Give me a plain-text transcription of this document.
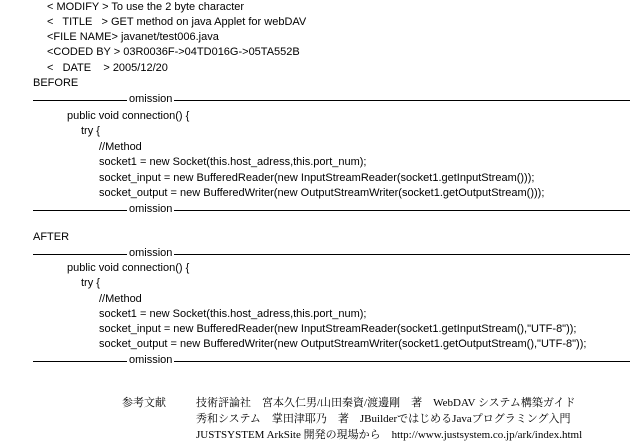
< MODIFY > To use the 2 byte character
<   TITLE   > GET method on java Applet for webDAV
<FILE NAME> javanet/test006.java
<CODED BY > 03R0036F->04TD016G->05TA552B
<   DATE    > 2005/12/20
BEFORE
omission
public void connection() {
try {
//Method
socket1 = new Socket(this.host_adress,this.port_num);
socket_input = new BufferedReader(new InputStreamReader(socket1.getInputStream()));
socket_output = new BufferedWriter(new OutputStreamWriter(socket1.getOutputStream()));
omission
AFTER
omission
public void connection() {
try {
//Method
socket1 = new Socket(this.host_adress,this.port_num);
socket_input = new BufferedReader(new InputStreamReader(socket1.getInputStream(),"UTF-8"));
socket_output = new BufferedWriter(new OutputStreamWriter(socket1.getOutputStream(),"UTF-8"));
omission
参考文献	技術評論社　宮本久仁男/山田秦資/渡邊剛　著　WebDAV システム構築ガイド
秀和システム　掌田津耶乃　著　JBuilderではじめるJavaプログラミング入門
JUSTSYSTEM ArkSite 開発の現場から　http://www.justsystem.co.jp/ark/index.html
